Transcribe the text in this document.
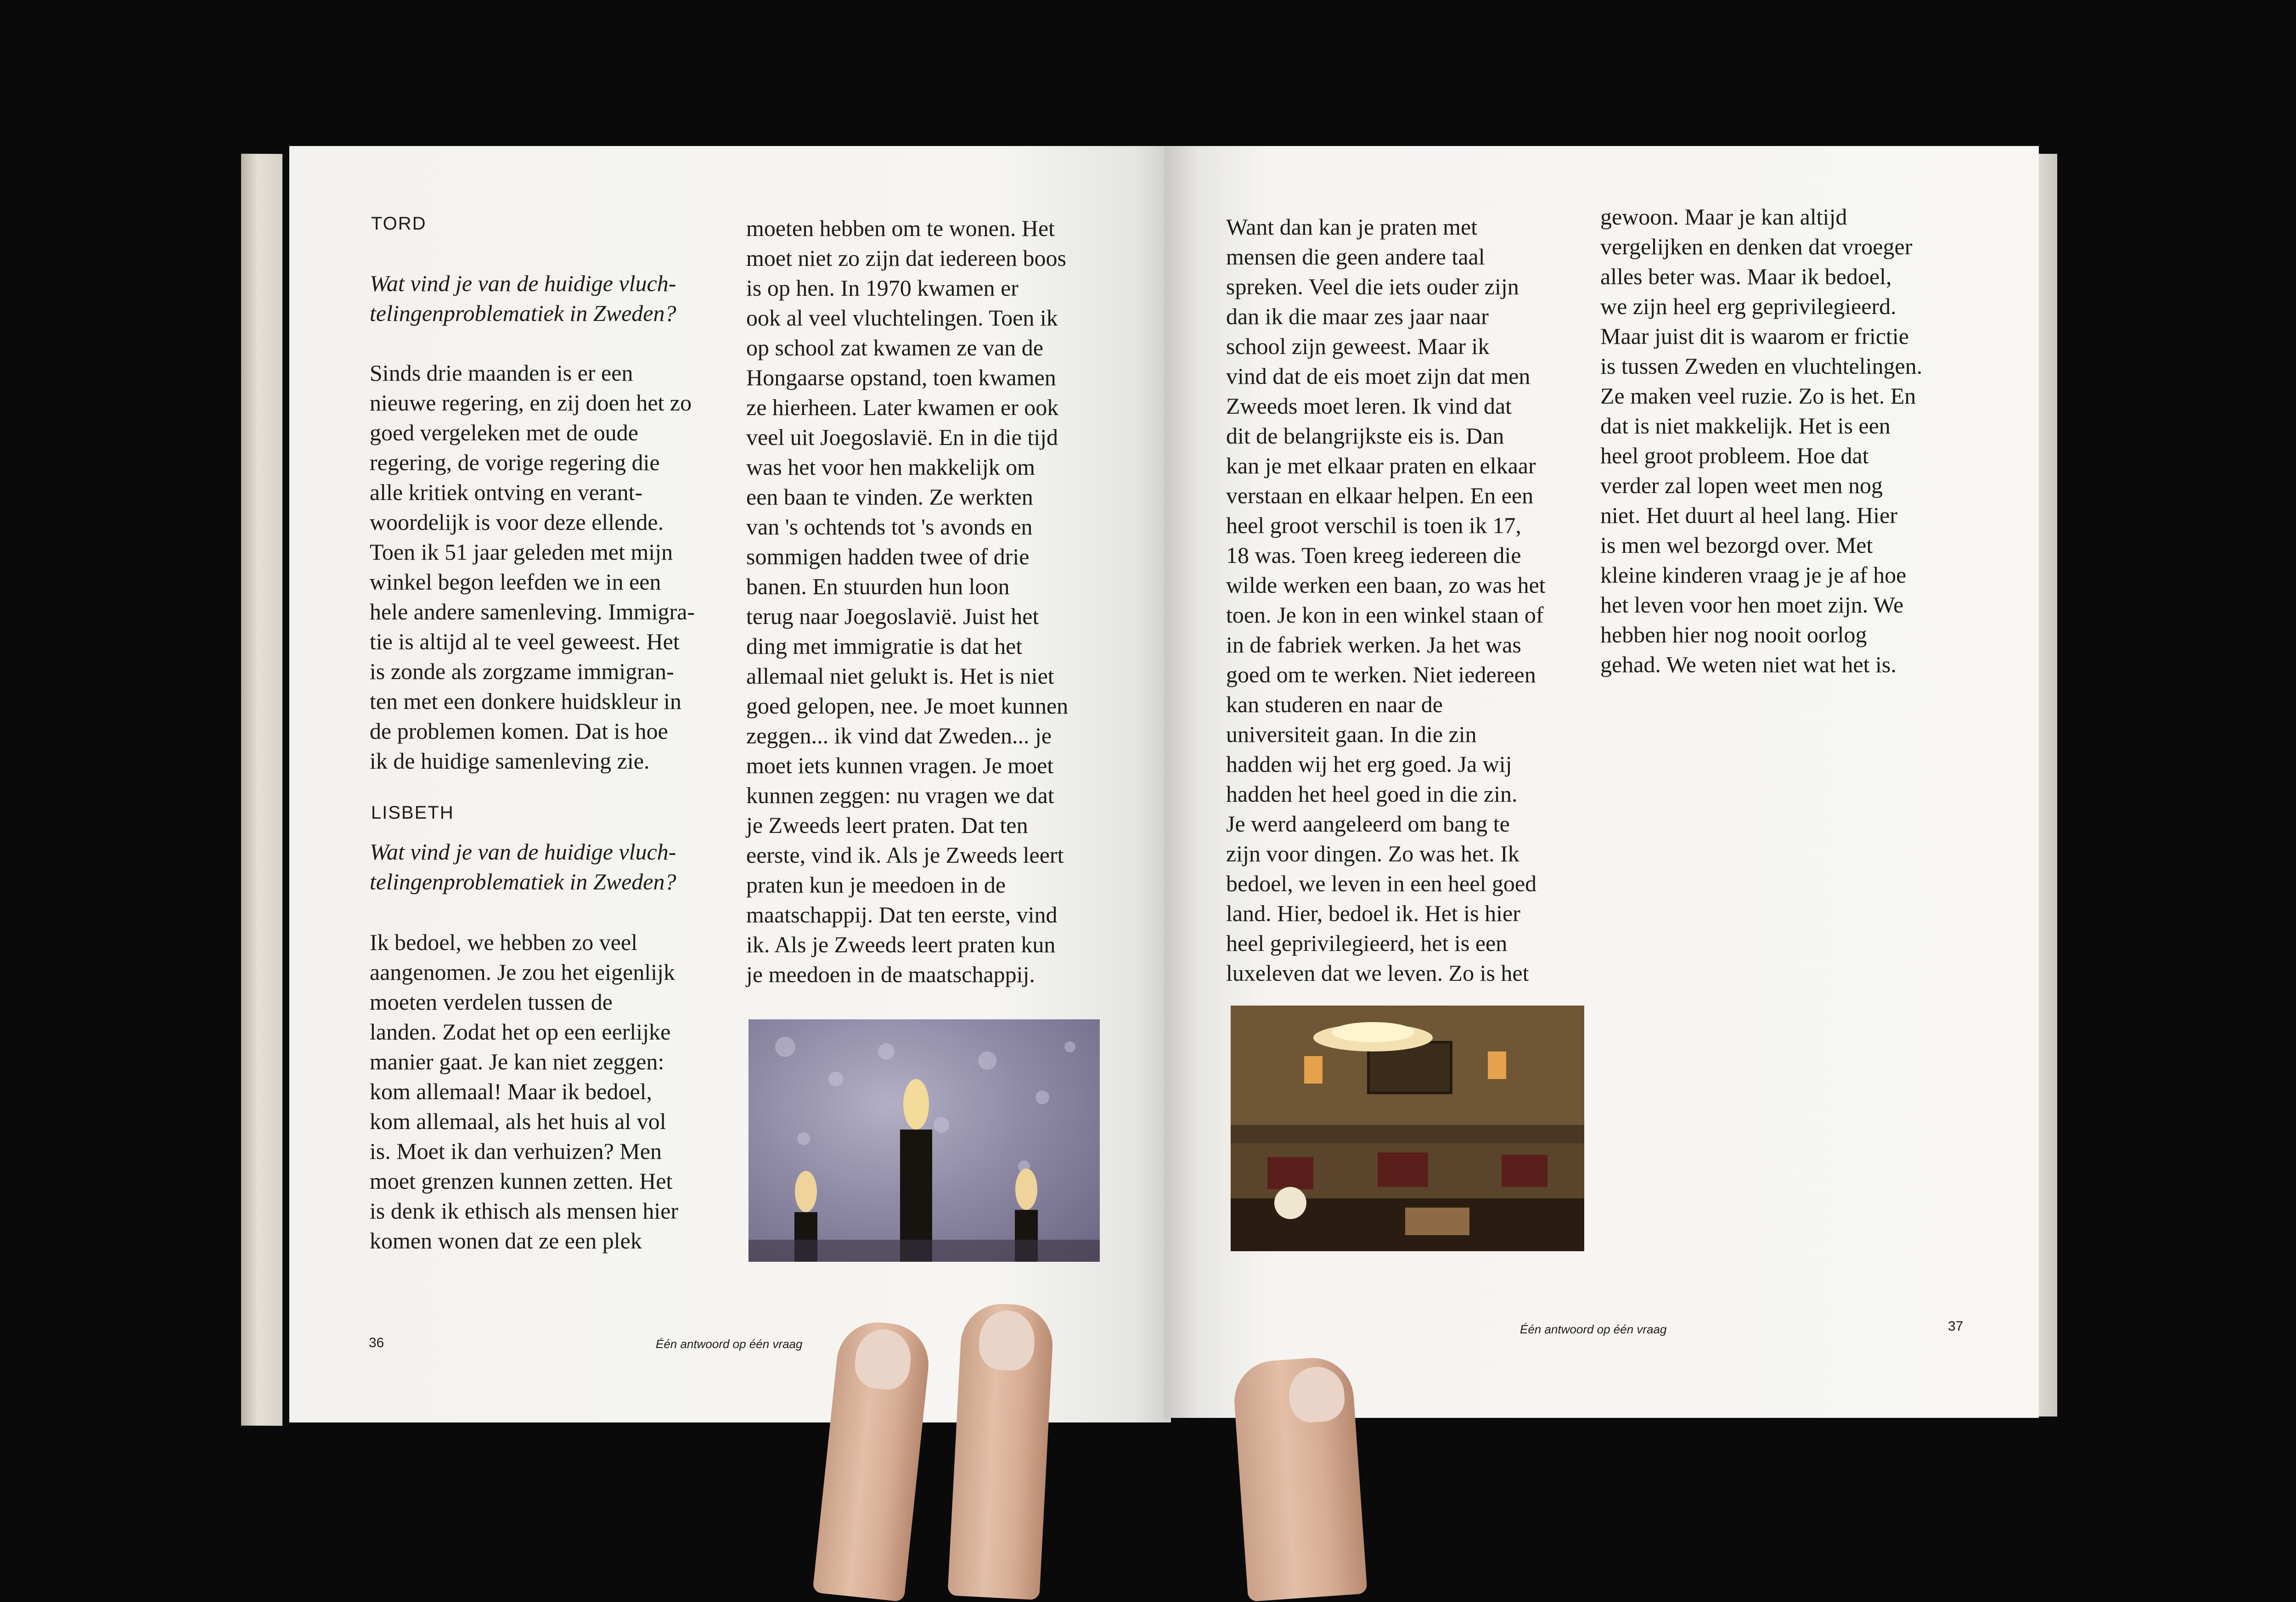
TORD
Wat vind je van de huidige vluch-
telingenproblematiek in Zweden?
Sinds drie maanden is er een
nieuwe regering, en zij doen het zo
goed vergeleken met de oude
regering, de vorige regering die
alle kritiek ontving en verant-
woordelijk is voor deze ellende.
Toen ik 51 jaar geleden met mijn
winkel begon leefden we in een
hele andere samenleving. Immigra-
tie is altijd al te veel geweest. Het
is zonde als zorgzame immigran-
ten met een donkere huidskleur in
de problemen komen. Dat is hoe
ik de huidige samenleving zie.
LISBETH
Wat vind je van de huidige vluch-
telingenproblematiek in Zweden?
Ik bedoel, we hebben zo veel
aangenomen. Je zou het eigenlijk
moeten verdelen tussen de
landen. Zodat het op een eerlijke
manier gaat. Je kan niet zeggen:
kom allemaal! Maar ik bedoel,
kom allemaal, als het huis al vol
is. Moet ik dan verhuizen? Men
moet grenzen kunnen zetten. Het
is denk ik ethisch als mensen hier
komen wonen dat ze een plek
moeten hebben om te wonen. Het
moet niet zo zijn dat iedereen boos
is op hen. In 1970 kwamen er
ook al veel vluchtelingen. Toen ik
op school zat kwamen ze van de
Hongaarse opstand, toen kwamen
ze hierheen. Later kwamen er ook
veel uit Joegoslavië. En in die tijd
was het voor hen makkelijk om
een baan te vinden. Ze werkten
van 's ochtends tot 's avonds en
sommigen hadden twee of drie
banen. En stuurden hun loon
terug naar Joegoslavië. Juist het
ding met immigratie is dat het
allemaal niet gelukt is. Het is niet
goed gelopen, nee. Je moet kunnen
zeggen... ik vind dat Zweden... je
moet iets kunnen vragen. Je moet
kunnen zeggen: nu vragen we dat
je Zweeds leert praten. Dat ten
eerste, vind ik. Als je Zweeds leert
praten kun je meedoen in de
maatschappij. Dat ten eerste, vind
ik. Als je Zweeds leert praten kun
je meedoen in de maatschappij.
36	Één antwoord op één vraag
Want dan kan je praten met
mensen die geen andere taal
spreken. Veel die iets ouder zijn
dan ik die maar zes jaar naar
school zijn geweest. Maar ik
vind dat de eis moet zijn dat men
Zweeds moet leren. Ik vind dat
dit de belangrijkste eis is. Dan
kan je met elkaar praten en elkaar
verstaan en elkaar helpen. En een
heel groot verschil is toen ik 17,
18 was. Toen kreeg iedereen die
wilde werken een baan, zo was het
toen. Je kon in een winkel staan of
in de fabriek werken. Ja het was
goed om te werken. Niet iedereen
kan studeren en naar de
universiteit gaan. In die zin
hadden wij het erg goed. Ja wij
hadden het heel goed in die zin.
Je werd aangeleerd om bang te
zijn voor dingen. Zo was het. Ik
bedoel, we leven in een heel goed
land. Hier, bedoel ik. Het is hier
heel geprivilegieerd, het is een
luxeleven dat we leven. Zo is het
gewoon. Maar je kan altijd
vergelijken en denken dat vroeger
alles beter was. Maar ik bedoel,
we zijn heel erg geprivilegieerd.
Maar juist dit is waarom er frictie
is tussen Zweden en vluchtelingen.
Ze maken veel ruzie. Zo is het. En
dat is niet makkelijk. Het is een
heel groot probleem. Hoe dat
verder zal lopen weet men nog
niet. Het duurt al heel lang. Hier
is men wel bezorgd over. Met
kleine kinderen vraag je je af hoe
het leven voor hen moet zijn. We
hebben hier nog nooit oorlog
gehad. We weten niet wat het is.
Één antwoord op één vraag	37
